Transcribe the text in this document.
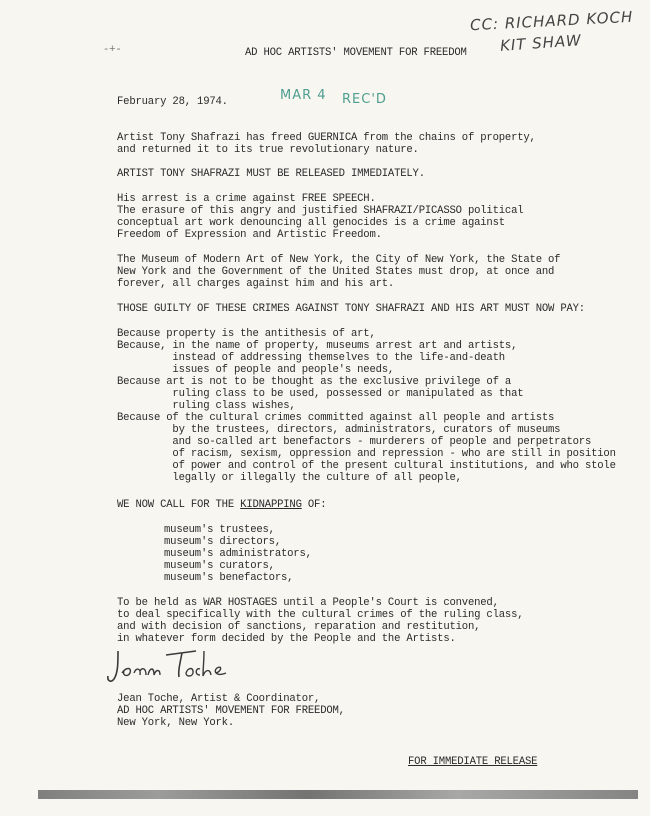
-+-	AD HOC ARTISTS' MOVEMENT FOR FREEDOM
CC: RICHARD KOCH
KIT SHAW
February 28, 1974.	MAR 4 REC'D
Artist Tony Shafrazi has freed GUERNICA from the chains of property,
and returned it to its true revolutionary nature.
ARTIST TONY SHAFRAZI MUST BE RELEASED IMMEDIATELY.
His arrest is a crime against FREE SPEECH.
The erasure of this angry and justified SHAFRAZI/PICASSO political
conceptual art work denouncing all genocides is a crime against
Freedom of Expression and Artistic Freedom.
The Museum of Modern Art of New York, the City of New York, the State of
New York and the Government of the United States must drop, at once and
forever, all charges against him and his art.
THOSE GUILTY OF THESE CRIMES AGAINST TONY SHAFRAZI AND HIS ART MUST NOW PAY:
Because property is the antithesis of art,
Because, in the name of property, museums arrest art and artists,
instead of addressing themselves to the life-and-death
issues of people and people's needs,
Because art is not to be thought as the exclusive privilege of a
ruling class to be used, possessed or manipulated as that
ruling class wishes,
Because of the cultural crimes committed against all people and artists
by the trustees, directors, administrators, curators of museums
and so-called art benefactors - murderers of people and perpetrators
of racism, sexism, oppression and repression - who are still in position
of power and control of the present cultural institutions, and who stole
legally or illegally the culture of all people,
WE NOW CALL FOR THE KIDNAPPING OF:
museum's trustees,
museum's directors,
museum's administrators,
museum's curators,
museum's benefactors,
To be held as WAR HOSTAGES until a People's Court is convened,
to deal specifically with the cultural crimes of the ruling class,
and with decision of sanctions, reparation and restitution,
in whatever form decided by the People and the Artists.
Jean Toche, Artist & Coordinator,
AD HOC ARTISTS' MOVEMENT FOR FREEDOM,
New York, New York.
FOR IMMEDIATE RELEASE
